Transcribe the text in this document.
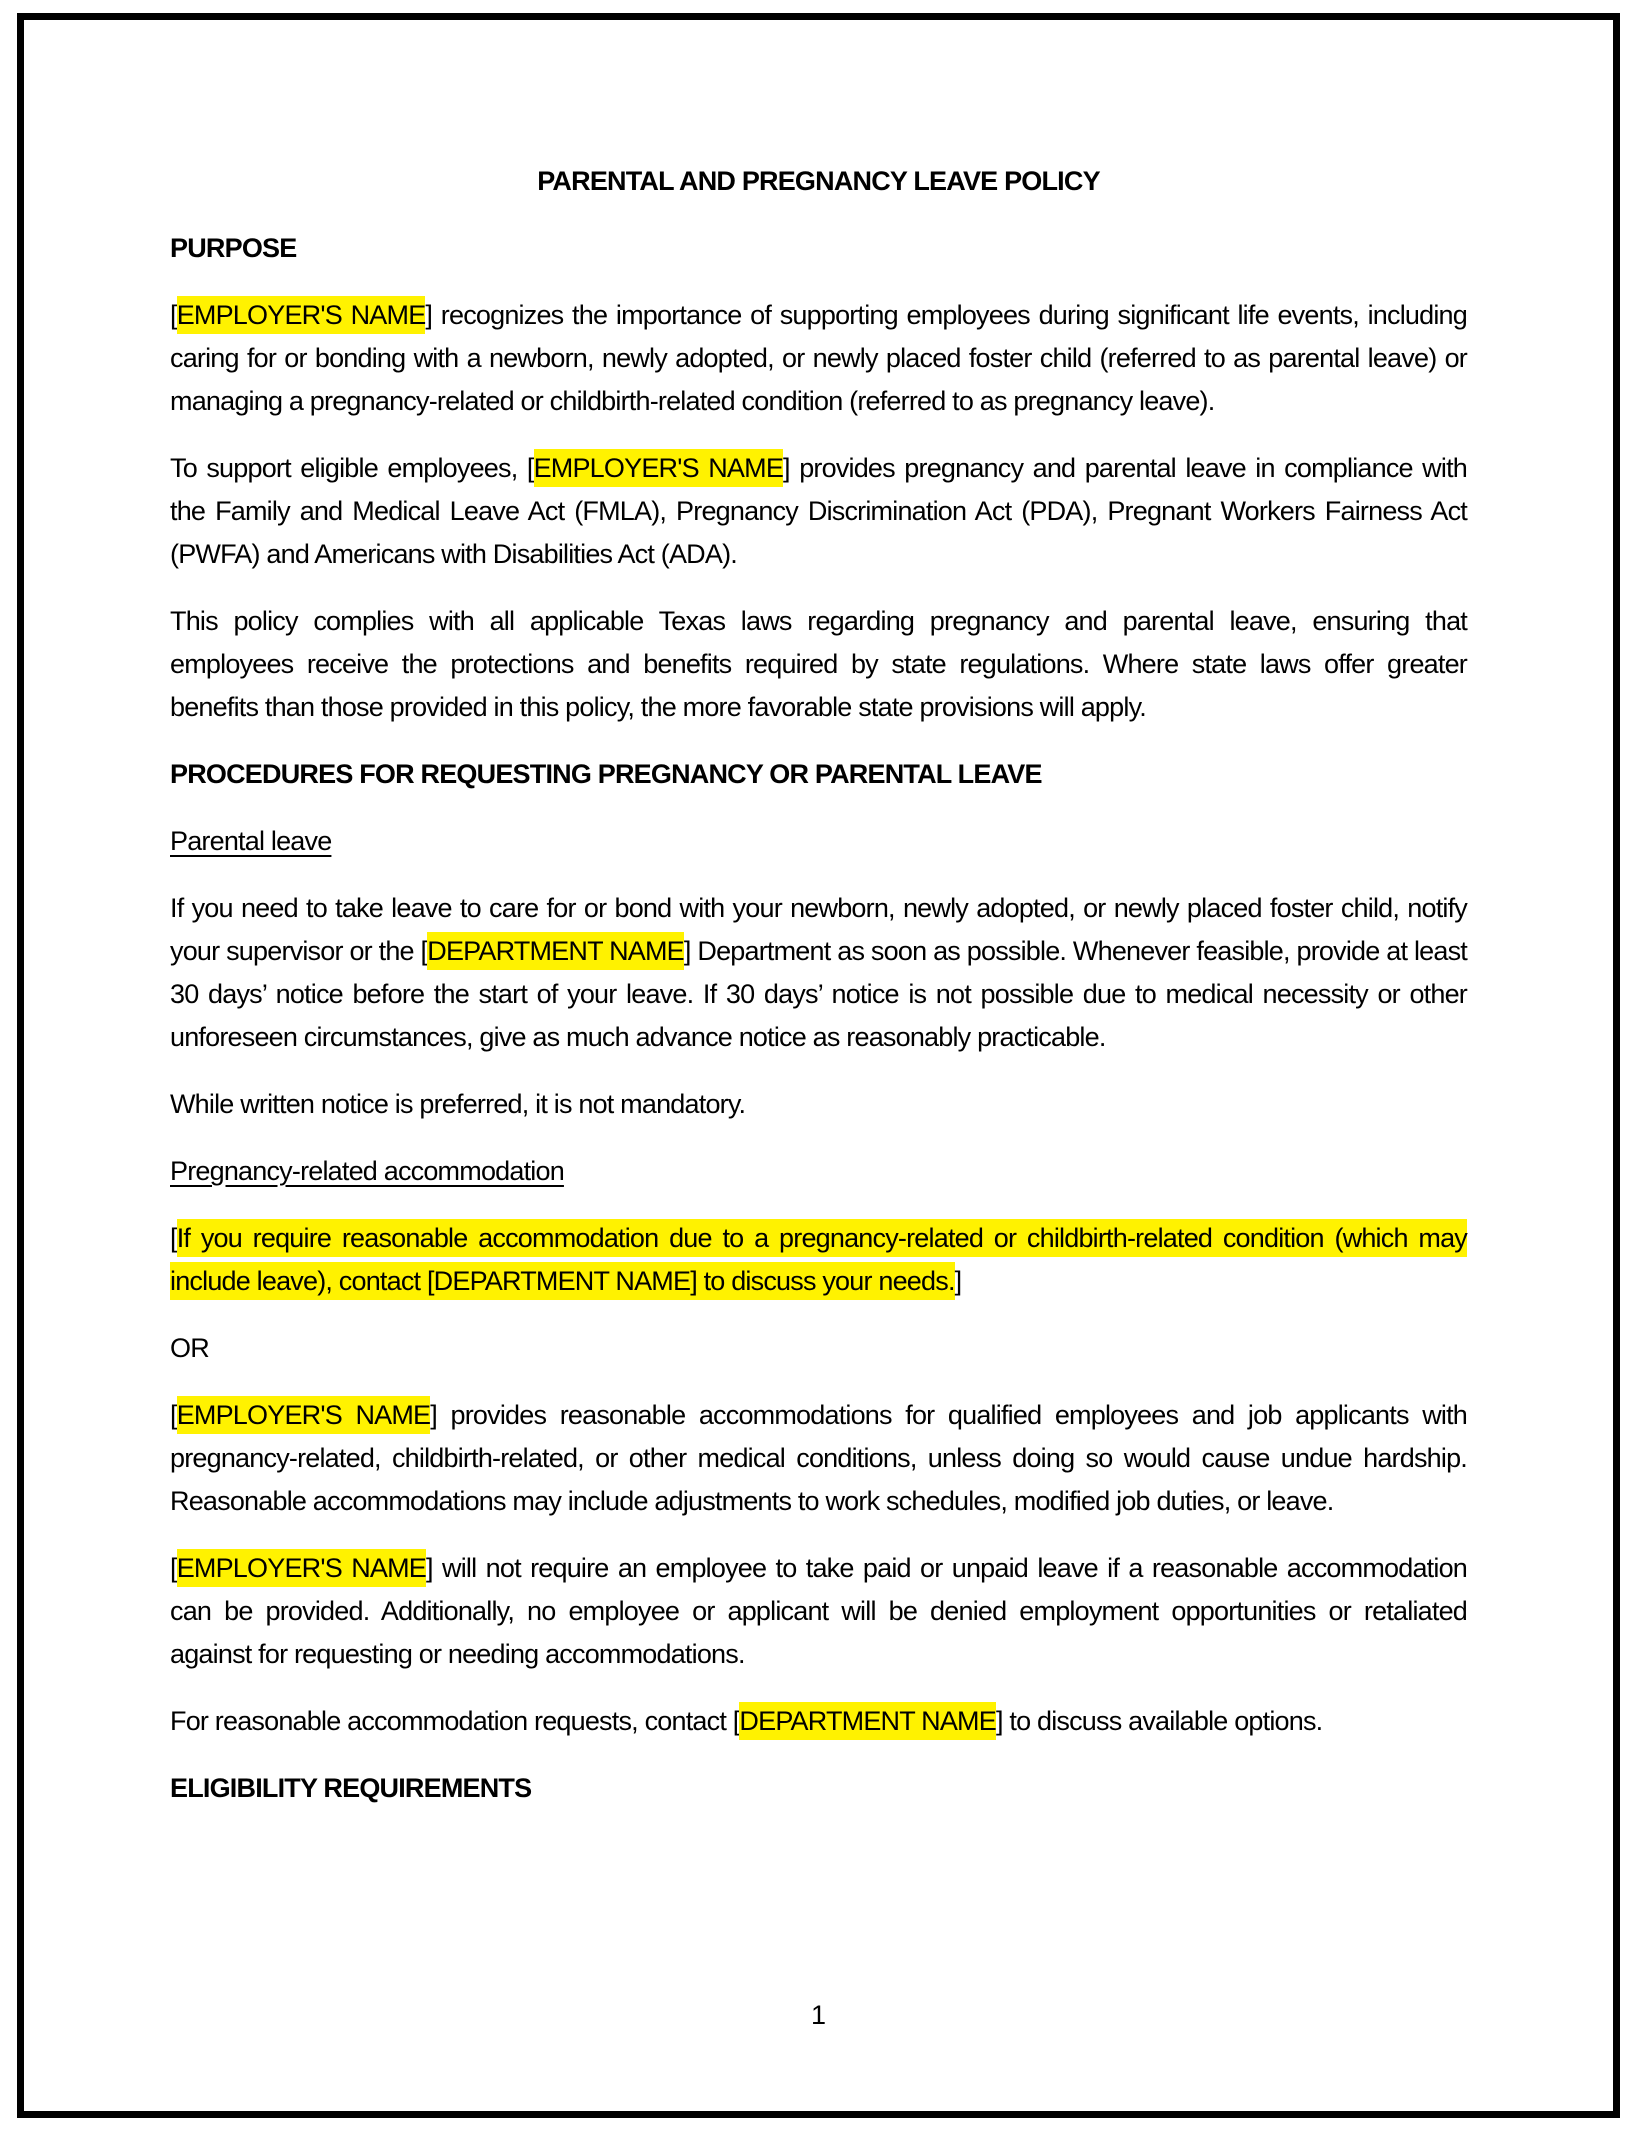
PARENTAL AND PREGNANCY LEAVE POLICY
PURPOSE

[EMPLOYER'S NAME] recognizes the importance of supporting employees during significant life events, including caring for or bonding with a newborn, newly adopted, or newly placed foster child (referred to as parental leave) or managing a pregnancy-related or childbirth-related condition (referred to as pregnancy leave).

To support eligible employees, [EMPLOYER'S NAME] provides pregnancy and parental leave in compliance with the Family and Medical Leave Act (FMLA), Pregnancy Discrimination Act (PDA), Pregnant Workers Fairness Act (PWFA) and Americans with Disabilities Act (ADA).

This policy complies with all applicable Texas laws regarding pregnancy and parental leave, ensuring that employees receive the protections and benefits required by state regulations. Where state laws offer greater benefits than those provided in this policy, the more favorable state provisions will apply.

PROCEDURES FOR REQUESTING PREGNANCY OR PARENTAL LEAVE
Parental leave

If you need to take leave to care for or bond with your newborn, newly adopted, or newly placed foster child, notify your supervisor or the [DEPARTMENT NAME] Department as soon as possible. Whenever feasible, provide at least 30 days’ notice before the start of your leave. If 30 days’ notice is not possible due to medical necessity or other unforeseen circumstances, give as much advance notice as reasonably practicable.

While written notice is preferred, it is not mandatory.

Pregnancy-related accommodation

[If you require reasonable accommodation due to a pregnancy-related or childbirth-related condition (which may include leave), contact [DEPARTMENT NAME] to discuss your needs.]

OR

[EMPLOYER'S NAME] provides reasonable accommodations for qualified employees and job applicants with pregnancy-related, childbirth-related, or other medical conditions, unless doing so would cause undue hardship. Reasonable accommodations may include adjustments to work schedules, modified job duties, or leave.

[EMPLOYER'S NAME] will not require an employee to take paid or unpaid leave if a reasonable accommodation can be provided. Additionally, no employee or applicant will be denied employment opportunities or retaliated against for requesting or needing accommodations.

For reasonable accommodation requests, contact [DEPARTMENT NAME] to discuss available options.

ELIGIBILITY REQUIREMENTS
1
